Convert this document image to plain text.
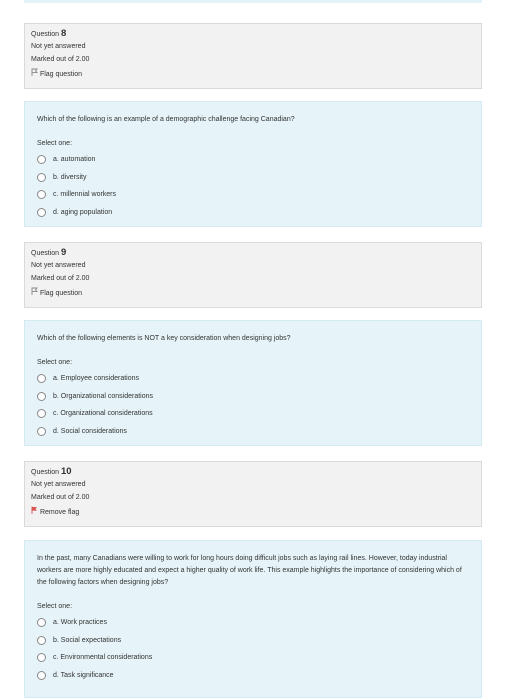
Question 8
Not yet answered
Marked out of 2.00
Flag question
Which of the following is an example of a demographic challenge facing Canadian?
Select one:
a. automation
b. diversity
c. millennial workers
d. aging population
Question 9
Not yet answered
Marked out of 2.00
Flag question
Which of the following elements is NOT a key consideration when designing jobs?
Select one:
a. Employee considerations
b. Organizational considerations
c. Organizational considerations
d. Social considerations
Question 10
Not yet answered
Marked out of 2.00
Remove flag
In the past, many Canadians were willing to work for long hours doing difficult jobs such as laying rail lines. However, today industrial workers are more highly educated and expect a higher quality of work life. This example highlights the importance of considering which of the following factors when designing jobs?
Select one:
a. Work practices
b. Social expectations
c. Environmental considerations
d. Task significance
